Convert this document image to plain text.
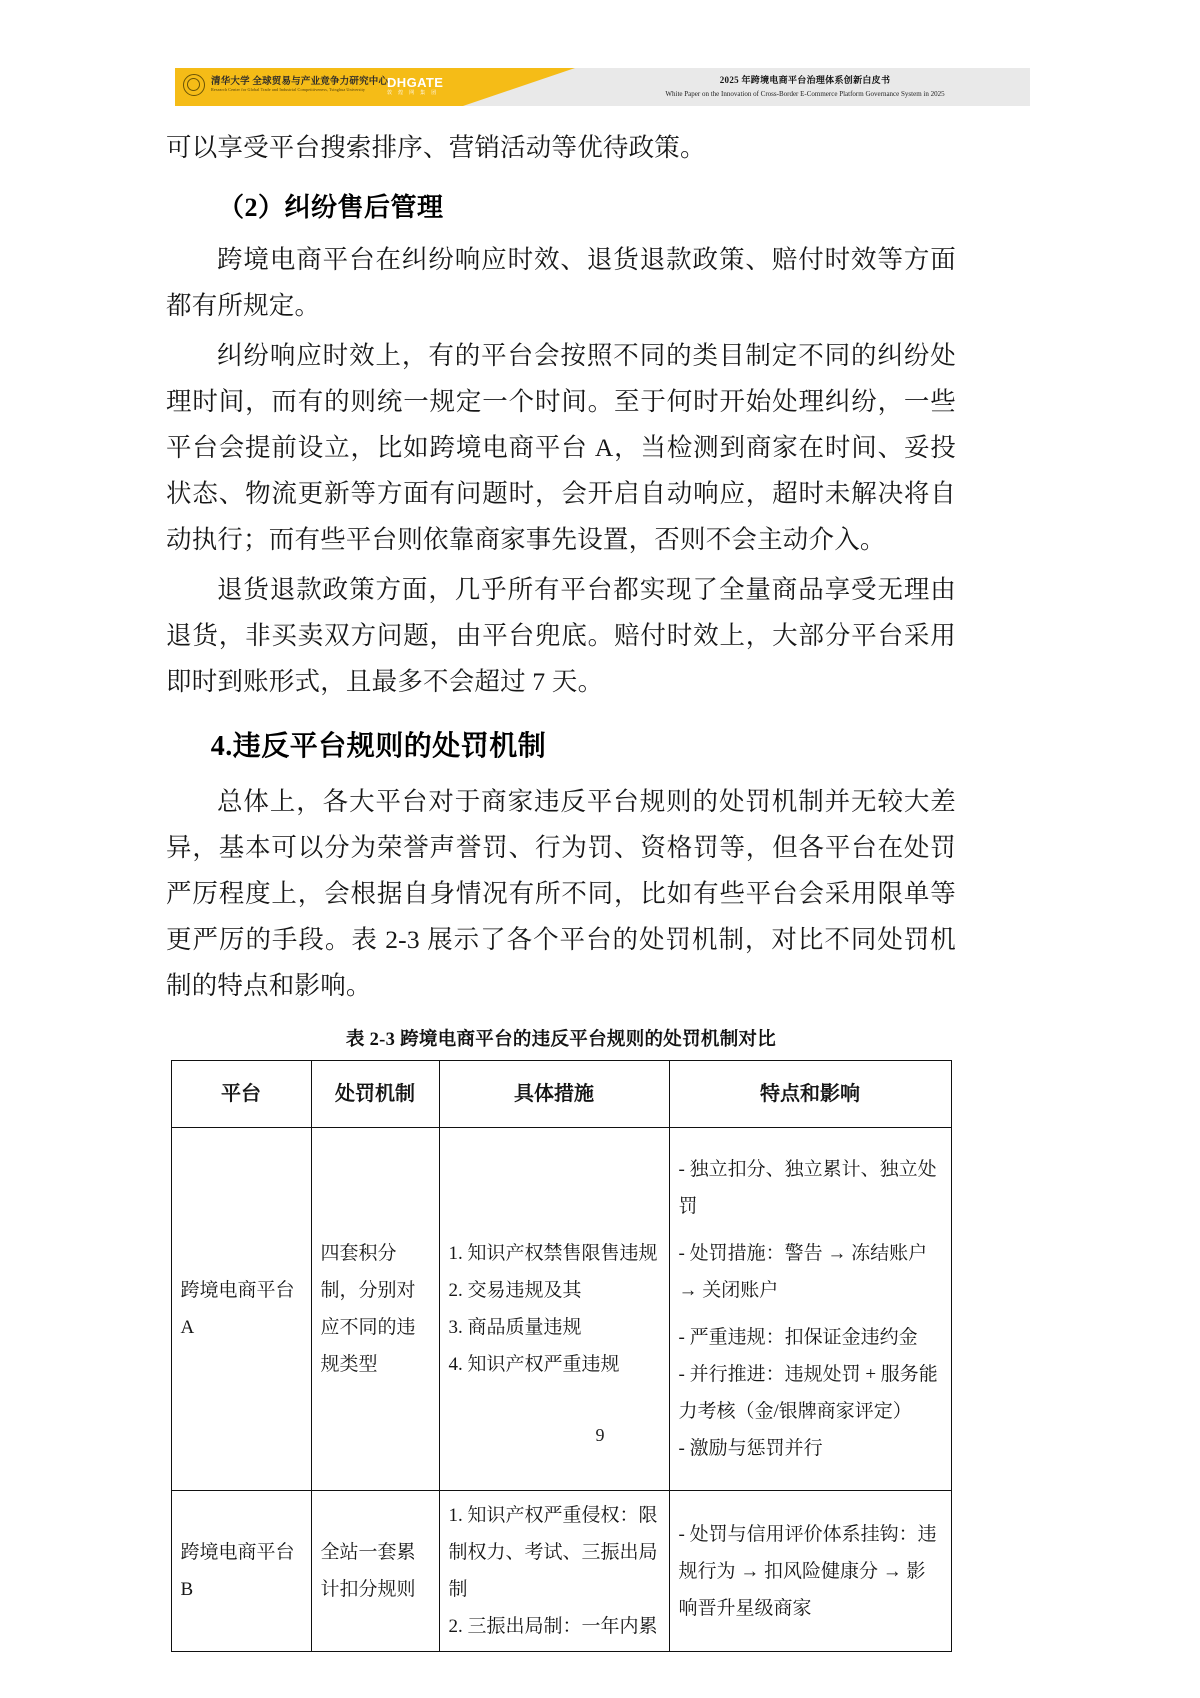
清华大学 全球贸易与产业竞争力研究中心
Research Center for Global Trade and Industrial Competitiveness, Tsinghua University	DHGATE
敦 煌 网 集 团
2025 年跨境电商平台治理体系创新白皮书
White Paper on the Innovation of Cross-Border E-Commerce Platform Governance System in 2025

可以享受平台搜索排序、营销活动等优待政策。

（2）纠纷售后管理

跨境电商平台在纠纷响应时效、退货退款政策、赔付时效等方面都有所规定。

纠纷响应时效上，有的平台会按照不同的类目制定不同的纠纷处理时间，而有的则统一规定一个时间。至于何时开始处理纠纷，一些平台会提前设立，比如跨境电商平台 A，当检测到商家在时间、妥投状态、物流更新等方面有问题时，会开启自动响应，超时未解决将自动执行；而有些平台则依靠商家事先设置，否则不会主动介入。

退货退款政策方面，几乎所有平台都实现了全量商品享受无理由退货，非买卖双方问题，由平台兜底。赔付时效上，大部分平台采用即时到账形式，且最多不会超过 7 天。

4.违反平台规则的处罚机制

总体上，各大平台对于商家违反平台规则的处罚机制并无较大差异，基本可以分为荣誉声誉罚、行为罚、资格罚等，但各平台在处罚严厉程度上，会根据自身情况有所不同，比如有些平台会采用限单等更严厉的手段。表 2-3 展示了各个平台的处罚机制，对比不同处罚机制的特点和影响。

表 2-3 跨境电商平台的违反平台规则的处罚机制对比
平台	处罚机制	具体措施	特点和影响

跨境电商平台
A	四套积分制，分别对应不同的违规类型	1. 知识产权禁售限售违规
2. 交易违规及其
3. 商品质量违规
4. 知识产权严重违规	- 独立扣分、独立累计、独立处罚
- 处罚措施：警告 → 冻结账户 → 关闭账户
- 严重违规：扣保证金违约金
- 并行推进：违规处罚 + 服务能力考核（金/银牌商家评定）
- 激励与惩罚并行

跨境电商平台
B	全站一套累计扣分规则	1. 知识产权严重侵权：限制权力、考试、三振出局制
2. 三振出局制：一年内累	- 处罚与信用评价体系挂钩：违规行为 → 扣风险健康分 → 影响晋升星级商家
9
